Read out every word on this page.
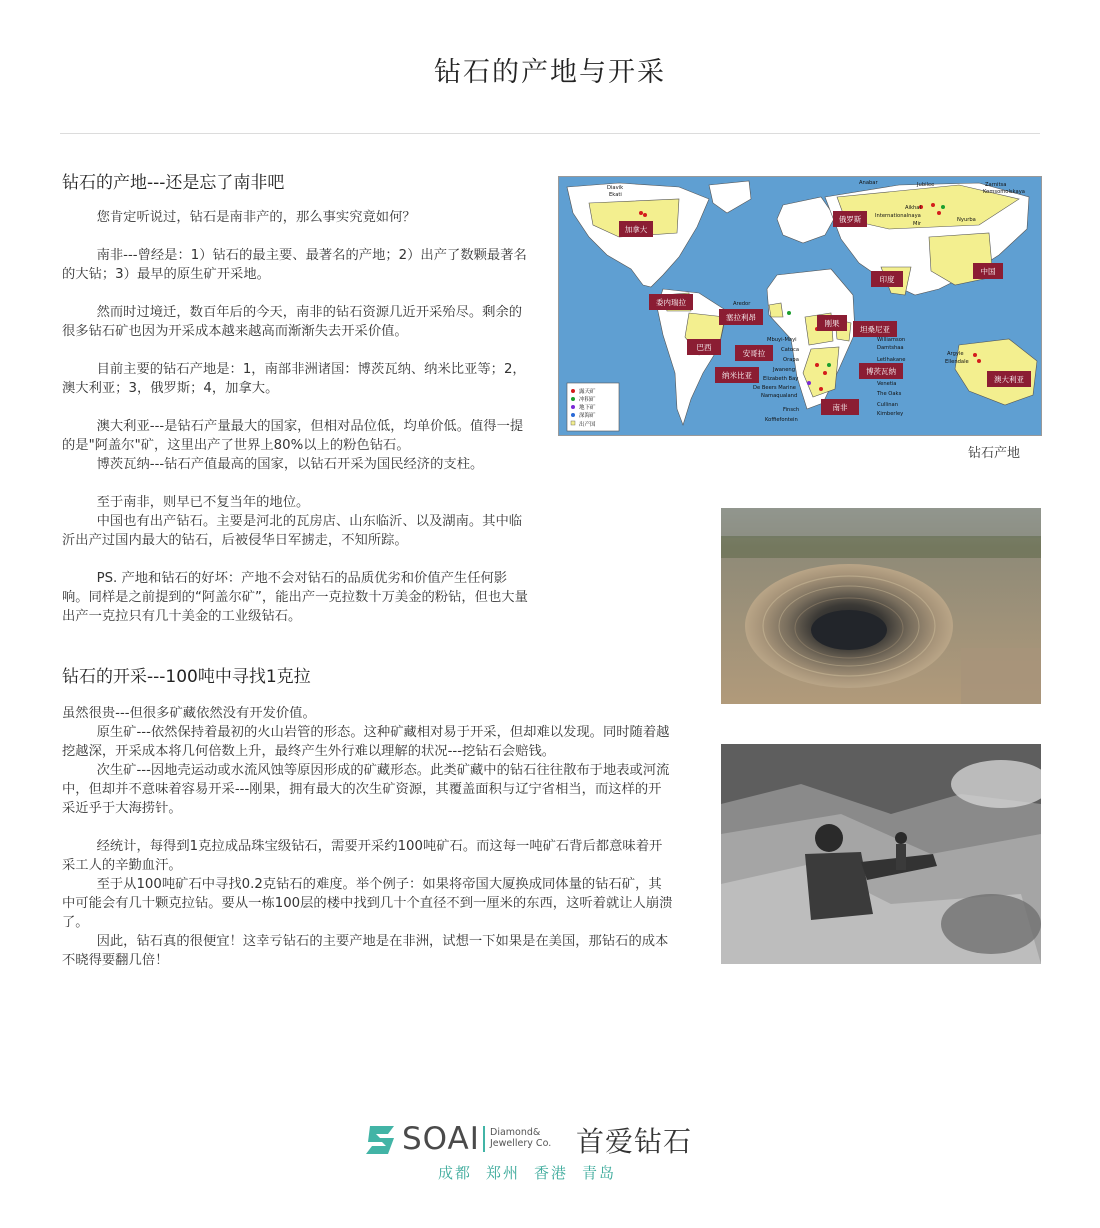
钻石的产地与开采
钻石的产地---还是忘了南非吧

您肯定听说过，钻石是南非产的，那么事实究竟如何？

南非---曾经是：1）钻石的最主要、最著名的产地；2）出产了数颗最著名的大钻；3）最早的原生矿开采地。

然而时过境迁，数百年后的今天，南非的钻石资源几近开采殆尽。剩余的很多钻石矿也因为开采成本越来越高而渐渐失去开采价值。

目前主要的钻石产地是：1，南部非洲诸国：博茨瓦纳、纳米比亚等；2，澳大利亚；3，俄罗斯；4，加拿大。

澳大利亚---是钻石产量最大的国家，但相对品位低，均单价低。值得一提的是"阿盖尔"矿，这里出产了世界上80%以上的粉色钻石。

博茨瓦纳---钻石产值最高的国家，以钻石开采为国民经济的支柱。

至于南非，则早已不复当年的地位。

中国也有出产钻石。主要是河北的瓦房店、山东临沂、以及湖南。其中临沂出产过国内最大的钻石，后被侵华日军掳走，不知所踪。

PS. 产地和钻石的好坏：产地不会对钻石的品质优劣和价值产生任何影响。同样是之前提到的“阿盖尔矿”，能出产一克拉数十万美金的粉钻，但也大量出产一克拉只有几十美金的工业级钻石。

钻石的开采---100吨中寻找1克拉

虽然很贵---但很多矿藏依然没有开发价值。

原生矿---依然保持着最初的火山岩管的形态。这种矿藏相对易于开采，但却难以发现。同时随着越挖越深，开采成本将几何倍数上升，最终产生外行难以理解的状况---挖钻石会赔钱。

次生矿---因地壳运动或水流风蚀等原因形成的矿藏形态。此类矿藏中的钻石往往散布于地表或河流中，但却并不意味着容易开采---刚果，拥有最大的次生矿资源，其覆盖面积与辽宁省相当，而这样的开采近乎于大海捞针。

经统计，每得到1克拉成品珠宝级钻石，需要开采约100吨矿石。而这每一吨矿石背后都意味着开采工人的辛勤血汗。

至于从100吨矿石中寻找0.2克钻石的难度。举个例子：如果将帝国大厦换成同体量的钻石矿，其中可能会有几十颗克拉钻。要从一栋100层的楼中找到几十个直径不到一厘米的东西，这听着就让人崩溃了。

因此，钻石真的很便宜！这幸亏钻石的主要产地是在非洲，试想一下如果是在美国，那钻石的成本不晓得要翻几倍！

加拿大
俄罗斯
中国
印度
委内瑞拉
塞拉利昂
刚果
坦桑尼亚
巴西
安哥拉
纳米比亚	博茨瓦纳
南非
澳大利亚
Diavik
Ekati
Anabar	Jubilee	Zarnitsa
Komsomolskaya
Aikhal
Internationalnaya
Mir
Nyurba
Aredor
Mbuyi-Mayi
Catoca
Orapa
Jwaneng
Elizabeth Bay
De Beers Marine
Namaqualand
Finsch
Koffiefontein
Williamson
Damtshaa
Letlhakane
Venetia
The Oaks
Cullinan
Kimberley
Argyle
Ellendale
露天矿
冲积矿
地下矿
深海矿
出产国
钻石产地
SOAI Diamond&
Jewellery Co. 首爱钻石
成都 郑州 香港 青岛
